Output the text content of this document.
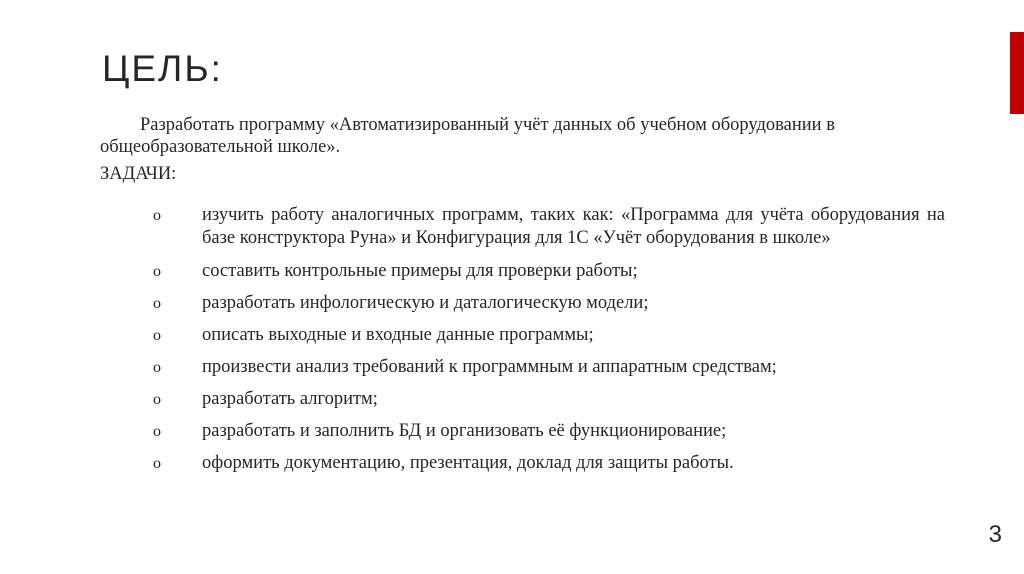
ЦЕЛЬ:

Разработать программу «Автоматизированный учёт данных об учебном оборудовании в общеобразовательной школе».

ЗАДАЧИ:

o	изучить работу аналогичных программ, таких как: «Программа для учёта оборудования на базе конструктора Руна» и Конфигурация для 1С «Учёт оборудования в школе»
o	составить контрольные примеры для проверки работы;
o	разработать инфологическую и даталогическую модели;
o	описать выходные и входные данные программы;
o	произвести анализ требований к программным и аппаратным средствам;
o	разработать алгоритм;
o	разработать и заполнить БД и организовать её функционирование;
o	оформить документацию, презентация, доклад для защиты работы.
3
